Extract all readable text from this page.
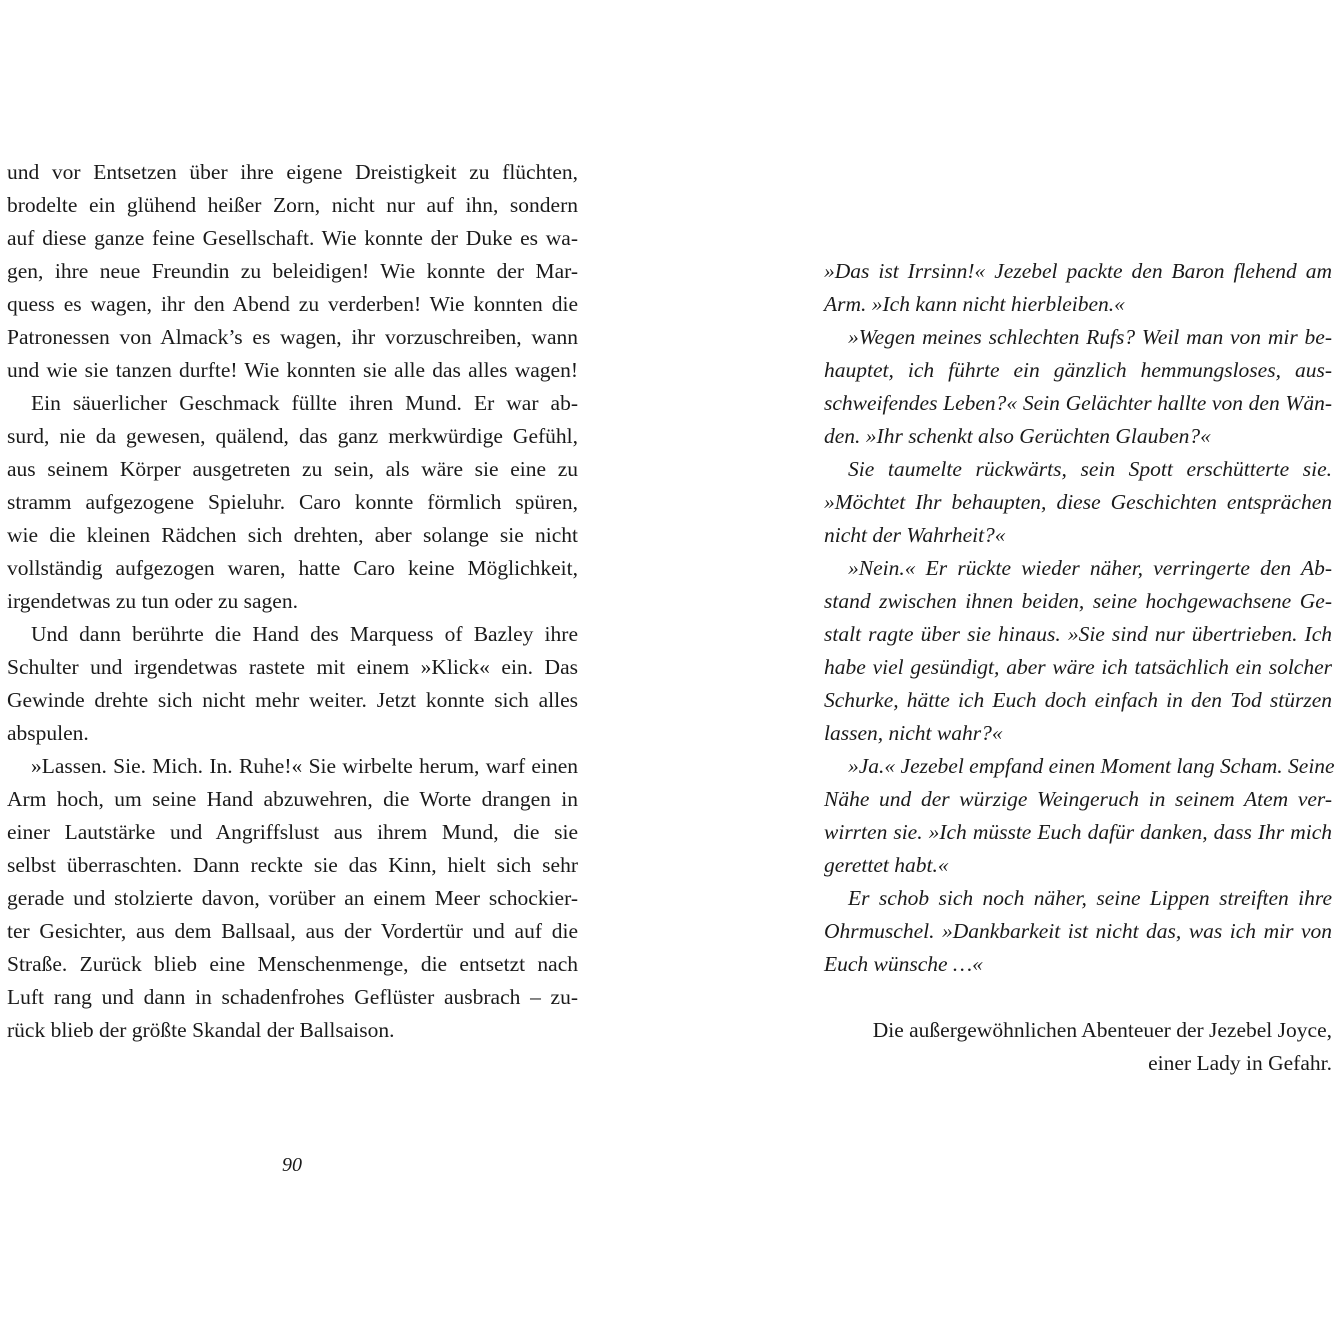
und vor Entsetzen über ihre eigene Dreistigkeit zu flüchten,
brodelte ein glühend heißer Zorn, nicht nur auf ihn, sondern
auf diese ganze feine Gesellschaft. Wie konnte der Duke es wa-
gen, ihre neue Freundin zu beleidigen! Wie konnte der Mar-
quess es wagen, ihr den Abend zu verderben! Wie konnten die
Patronessen von Almack’s es wagen, ihr vorzuschreiben, wann
und wie sie tanzen durfte! Wie konnten sie alle das alles wagen!
Ein säuerlicher Geschmack füllte ihren Mund. Er war ab-
surd, nie da gewesen, quälend, das ganz merkwürdige Gefühl,
aus seinem Körper ausgetreten zu sein, als wäre sie eine zu
stramm aufgezogene Spieluhr. Caro konnte förmlich spüren,
wie die kleinen Rädchen sich drehten, aber solange sie nicht
vollständig aufgezogen waren, hatte Caro keine Möglichkeit,
irgendetwas zu tun oder zu sagen.
Und dann berührte die Hand des Marquess of Bazley ihre
Schulter und irgendetwas rastete mit einem »Klick« ein. Das
Gewinde drehte sich nicht mehr weiter. Jetzt konnte sich alles
abspulen.
»Lassen. Sie. Mich. In. Ruhe!« Sie wirbelte herum, warf einen
Arm hoch, um seine Hand abzuwehren, die Worte drangen in
einer Lautstärke und Angriffslust aus ihrem Mund, die sie
selbst überraschten. Dann reckte sie das Kinn, hielt sich sehr
gerade und stolzierte davon, vorüber an einem Meer schockier-
ter Gesichter, aus dem Ballsaal, aus der Vordertür und auf die
Straße. Zurück blieb eine Menschenmenge, die entsetzt nach
Luft rang und dann in schadenfrohes Geflüster ausbrach – zu-
rück blieb der größte Skandal der Ballsaison.
90
»Das ist Irrsinn!« Jezebel packte den Baron flehend am
Arm. »Ich kann nicht hierbleiben.«
»Wegen meines schlechten Rufs? Weil man von mir be-
hauptet, ich führte ein gänzlich hemmungsloses, aus-
schweifendes Leben?« Sein Gelächter hallte von den Wän-
den. »Ihr schenkt also Gerüchten Glauben?«
Sie taumelte rückwärts, sein Spott erschütterte sie.
»Möchtet Ihr behaupten, diese Geschichten entsprächen
nicht der Wahrheit?«
»Nein.« Er rückte wieder näher, verringerte den Ab-
stand zwischen ihnen beiden, seine hochgewachsene Ge-
stalt ragte über sie hinaus. »Sie sind nur übertrieben. Ich
habe viel gesündigt, aber wäre ich tatsächlich ein solcher
Schurke, hätte ich Euch doch einfach in den Tod stürzen
lassen, nicht wahr?«
»Ja.« Jezebel empfand einen Moment lang Scham. Seine
Nähe und der würzige Weingeruch in seinem Atem ver-
wirrten sie. »Ich müsste Euch dafür danken, dass Ihr mich
gerettet habt.«
Er schob sich noch näher, seine Lippen streiften ihre
Ohrmuschel. »Dankbarkeit ist nicht das, was ich mir von
Euch wünsche …«
Die außergewöhnlichen Abenteuer der Jezebel Joyce,
einer Lady in Gefahr.
